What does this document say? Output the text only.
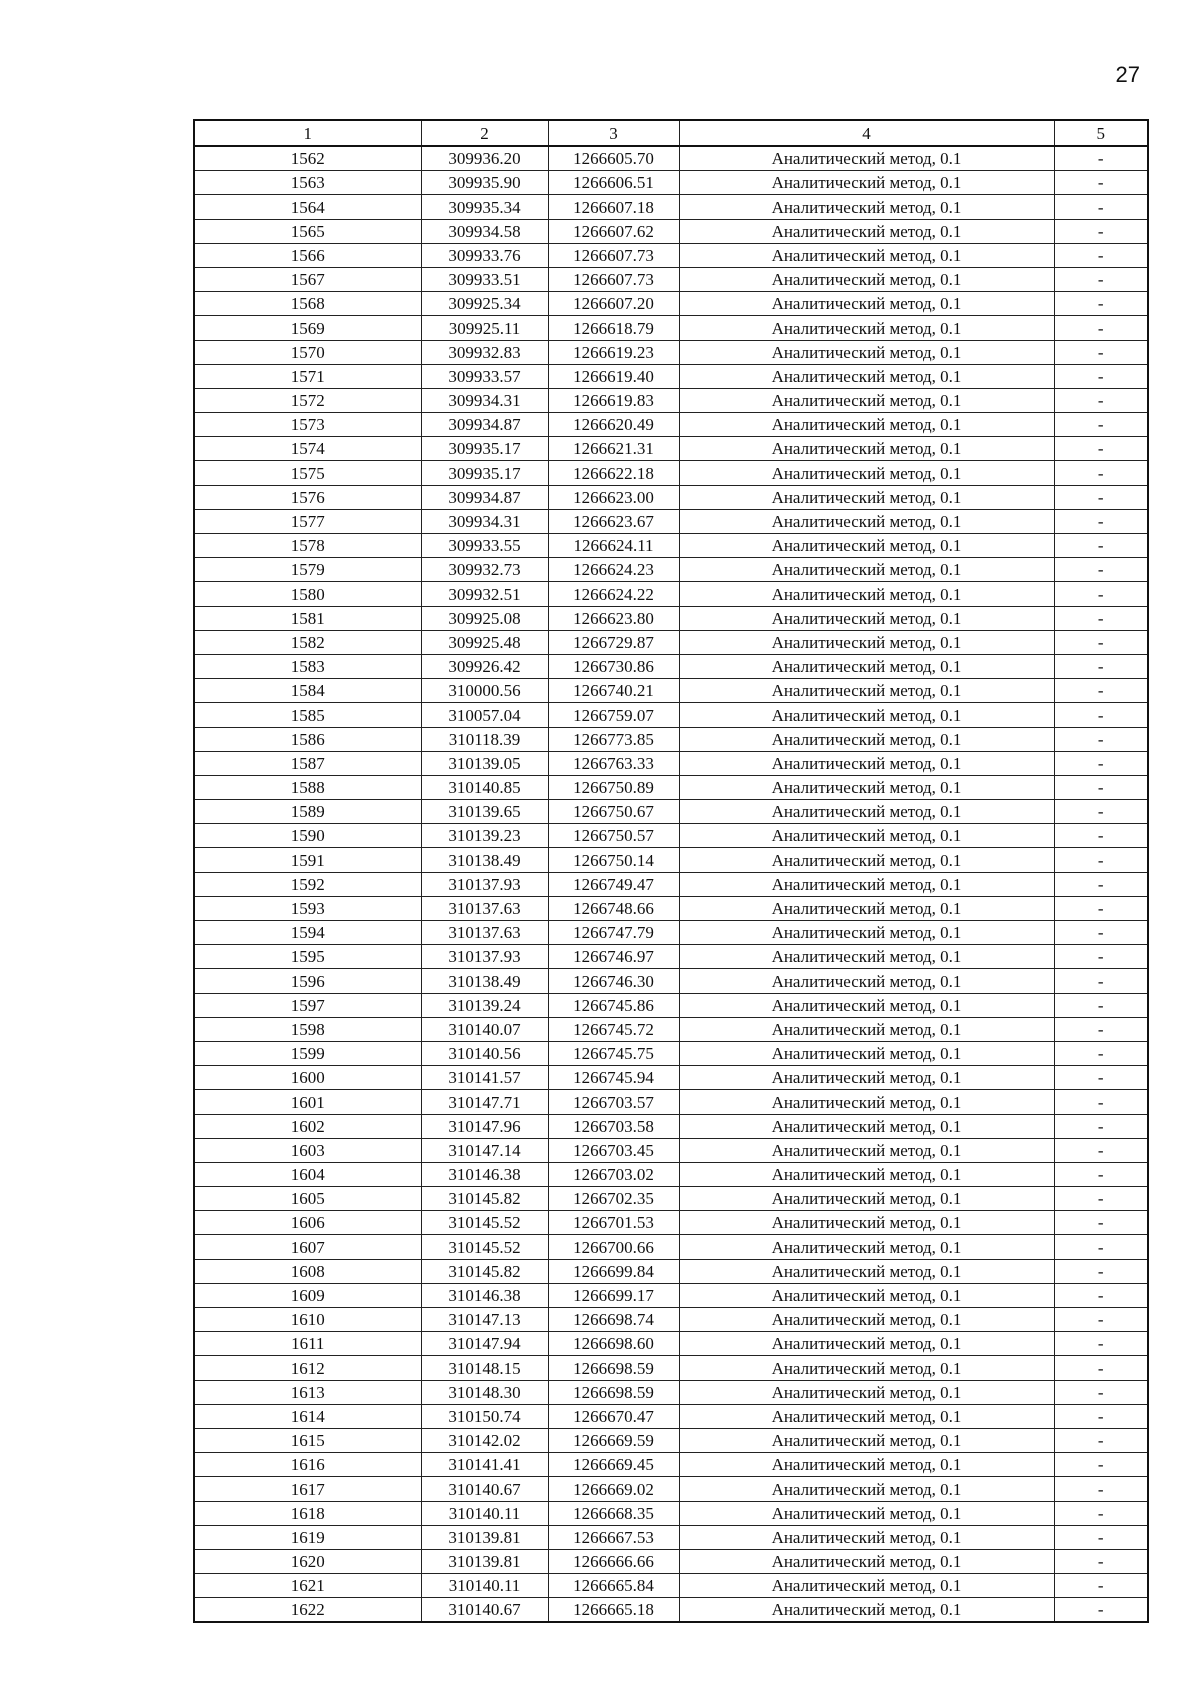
27
1	2	3	4	5
1562	309936.20	1266605.70	Аналитический метод, 0.1	-
1563	309935.90	1266606.51	Аналитический метод, 0.1	-
1564	309935.34	1266607.18	Аналитический метод, 0.1	-
1565	309934.58	1266607.62	Аналитический метод, 0.1	-
1566	309933.76	1266607.73	Аналитический метод, 0.1	-
1567	309933.51	1266607.73	Аналитический метод, 0.1	-
1568	309925.34	1266607.20	Аналитический метод, 0.1	-
1569	309925.11	1266618.79	Аналитический метод, 0.1	-
1570	309932.83	1266619.23	Аналитический метод, 0.1	-
1571	309933.57	1266619.40	Аналитический метод, 0.1	-
1572	309934.31	1266619.83	Аналитический метод, 0.1	-
1573	309934.87	1266620.49	Аналитический метод, 0.1	-
1574	309935.17	1266621.31	Аналитический метод, 0.1	-
1575	309935.17	1266622.18	Аналитический метод, 0.1	-
1576	309934.87	1266623.00	Аналитический метод, 0.1	-
1577	309934.31	1266623.67	Аналитический метод, 0.1	-
1578	309933.55	1266624.11	Аналитический метод, 0.1	-
1579	309932.73	1266624.23	Аналитический метод, 0.1	-
1580	309932.51	1266624.22	Аналитический метод, 0.1	-
1581	309925.08	1266623.80	Аналитический метод, 0.1	-
1582	309925.48	1266729.87	Аналитический метод, 0.1	-
1583	309926.42	1266730.86	Аналитический метод, 0.1	-
1584	310000.56	1266740.21	Аналитический метод, 0.1	-
1585	310057.04	1266759.07	Аналитический метод, 0.1	-
1586	310118.39	1266773.85	Аналитический метод, 0.1	-
1587	310139.05	1266763.33	Аналитический метод, 0.1	-
1588	310140.85	1266750.89	Аналитический метод, 0.1	-
1589	310139.65	1266750.67	Аналитический метод, 0.1	-
1590	310139.23	1266750.57	Аналитический метод, 0.1	-
1591	310138.49	1266750.14	Аналитический метод, 0.1	-
1592	310137.93	1266749.47	Аналитический метод, 0.1	-
1593	310137.63	1266748.66	Аналитический метод, 0.1	-
1594	310137.63	1266747.79	Аналитический метод, 0.1	-
1595	310137.93	1266746.97	Аналитический метод, 0.1	-
1596	310138.49	1266746.30	Аналитический метод, 0.1	-
1597	310139.24	1266745.86	Аналитический метод, 0.1	-
1598	310140.07	1266745.72	Аналитический метод, 0.1	-
1599	310140.56	1266745.75	Аналитический метод, 0.1	-
1600	310141.57	1266745.94	Аналитический метод, 0.1	-
1601	310147.71	1266703.57	Аналитический метод, 0.1	-
1602	310147.96	1266703.58	Аналитический метод, 0.1	-
1603	310147.14	1266703.45	Аналитический метод, 0.1	-
1604	310146.38	1266703.02	Аналитический метод, 0.1	-
1605	310145.82	1266702.35	Аналитический метод, 0.1	-
1606	310145.52	1266701.53	Аналитический метод, 0.1	-
1607	310145.52	1266700.66	Аналитический метод, 0.1	-
1608	310145.82	1266699.84	Аналитический метод, 0.1	-
1609	310146.38	1266699.17	Аналитический метод, 0.1	-
1610	310147.13	1266698.74	Аналитический метод, 0.1	-
1611	310147.94	1266698.60	Аналитический метод, 0.1	-
1612	310148.15	1266698.59	Аналитический метод, 0.1	-
1613	310148.30	1266698.59	Аналитический метод, 0.1	-
1614	310150.74	1266670.47	Аналитический метод, 0.1	-
1615	310142.02	1266669.59	Аналитический метод, 0.1	-
1616	310141.41	1266669.45	Аналитический метод, 0.1	-
1617	310140.67	1266669.02	Аналитический метод, 0.1	-
1618	310140.11	1266668.35	Аналитический метод, 0.1	-
1619	310139.81	1266667.53	Аналитический метод, 0.1	-
1620	310139.81	1266666.66	Аналитический метод, 0.1	-
1621	310140.11	1266665.84	Аналитический метод, 0.1	-
1622	310140.67	1266665.18	Аналитический метод, 0.1	-
